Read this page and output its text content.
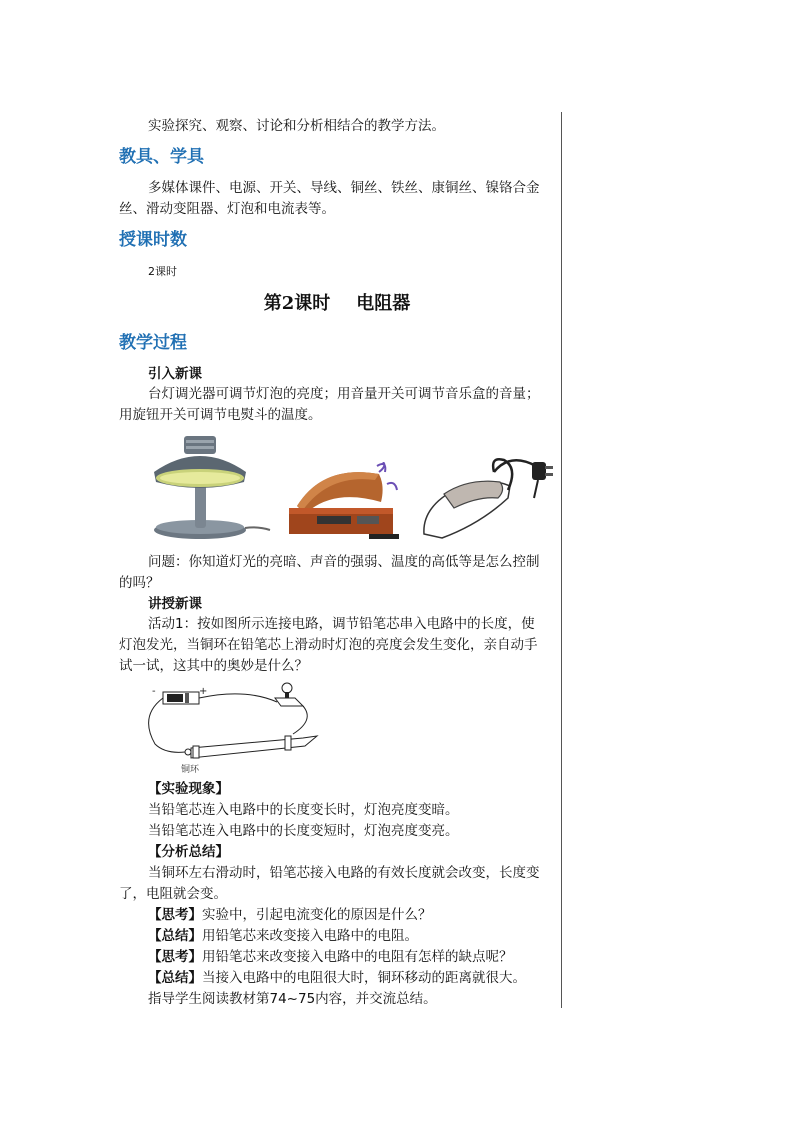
实验探究、观察、讨论和分析相结合的教学方法。
教具、学具
多媒体课件、电源、开关、导线、铜丝、铁丝、康铜丝、镍铬合金
丝、滑动变阻器、灯泡和电流表等。
授课时数
2课时
第2课时 电阻器
教学过程
引入新课
台灯调光器可调节灯泡的亮度；用音量开关可调节音乐盒的音量；
用旋钮开关可调节电熨斗的温度。
问题：你知道灯光的亮暗、声音的强弱、温度的高低等是怎么控制
的吗？
讲授新课
活动1：按如图所示连接电路，调节铅笔芯串入电路中的长度，使
灯泡发光，当铜环在铅笔芯上滑动时灯泡的亮度会发生变化，亲自动手
试一试，这其中的奥妙是什么？
-	+
铜环
【实验现象】
当铅笔芯连入电路中的长度变长时，灯泡亮度变暗。
当铅笔芯连入电路中的长度变短时，灯泡亮度变亮。
【分析总结】
当铜环左右滑动时，铅笔芯接入电路的有效长度就会改变，长度变
了，电阻就会变。
【思考】实验中，引起电流变化的原因是什么？
【总结】用铅笔芯来改变接入电路中的电阻。
【思考】用铅笔芯来改变接入电路中的电阻有怎样的缺点呢？
【总结】当接入电路中的电阻很大时，铜环移动的距离就很大。
指导学生阅读教材第74~75内容，并交流总结。
